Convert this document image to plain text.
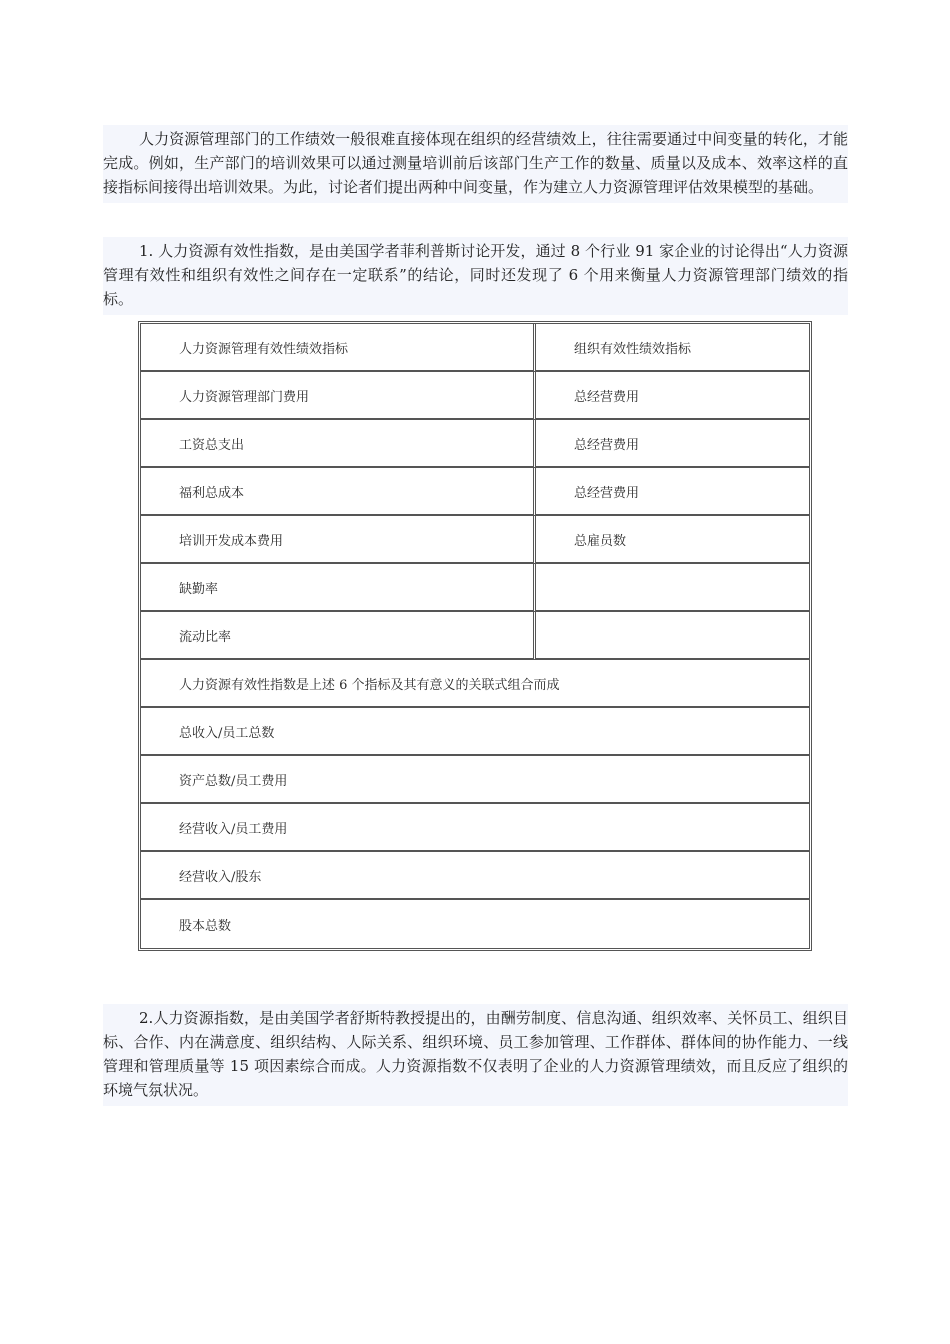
人力资源管理部门的工作绩效一般很难直接体现在组织的经营绩效上，往往需要通过中间变量的转化，才能完成。例如，生产部门的培训效果可以通过测量培训前后该部门生产工作的数量、质量以及成本、效率这样的直接指标间接得出培训效果。为此，讨论者们提出两种中间变量，作为建立人力资源管理评估效果模型的基础。

1. 人力资源有效性指数，是由美国学者菲利普斯讨论开发，通过 8 个行业 91 家企业的讨论得出“人力资源管理有效性和组织有效性之间存在一定联系”的结论，同时还发现了 6 个用来衡量人力资源管理部门绩效的指标。

人力资源管理有效性绩效指标	组织有效性绩效指标
人力资源管理部门费用	总经营费用
工资总支出	总经营费用
福利总成本	总经营费用
培训开发成本费用	总雇员数
缺勤率	
流动比率	
人力资源有效性指数是上述 6 个指标及其有意义的关联式组合而成	
总收入/员工总数	
资产总数/员工费用	
经营收入/员工费用	
经营收入/股东	
股本总数	

2.人力资源指数，是由美国学者舒斯特教授提出的，由酬劳制度、信息沟通、组织效率、关怀员工、组织目标、合作、内在满意度、组织结构、人际关系、组织环境、员工参加管理、工作群体、群体间的协作能力、一线管理和管理质量等 15 项因素综合而成。人力资源指数不仅表明了企业的人力资源管理绩效，而且反应了组织的环境气氛状况。
